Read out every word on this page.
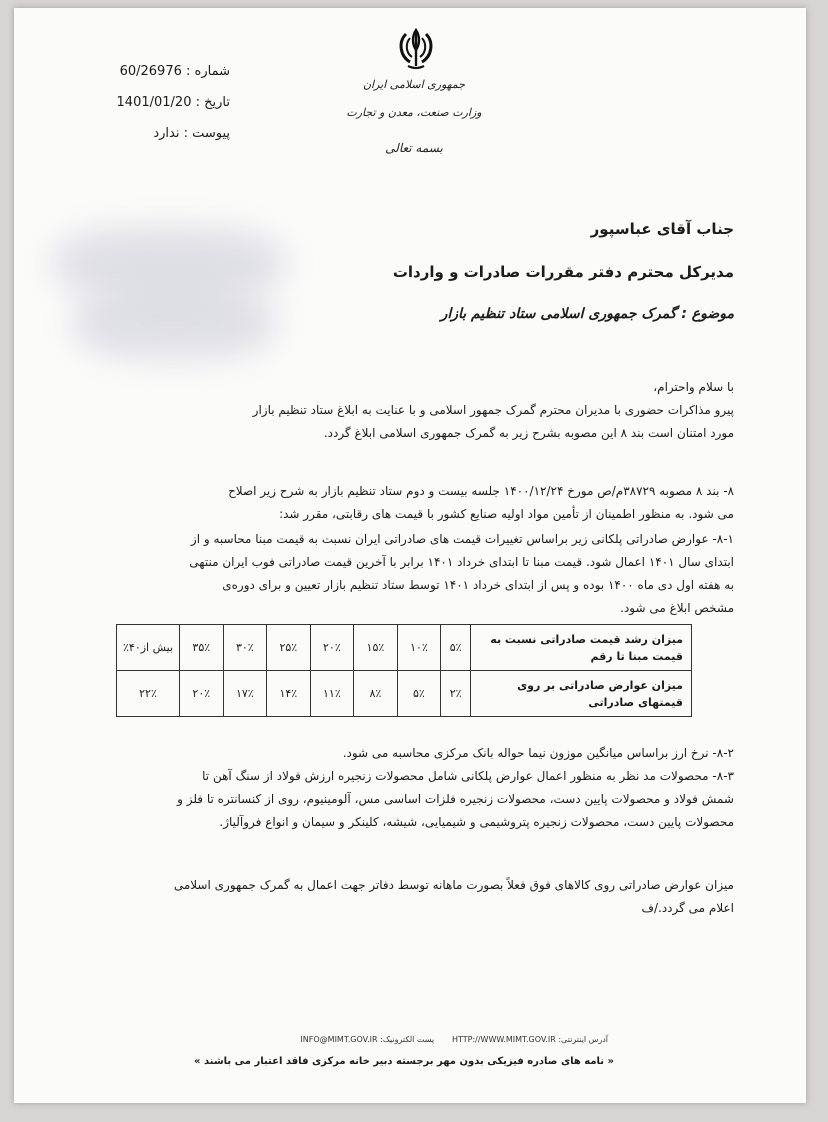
جمهوری اسلامی ایران
وزارت صنعت، معدن و تجارت
بسمه تعالی
شماره : 60/26976
تاریخ : 1401/01/20
پیوست : ندارد
جناب آقای عباسپور
مدیرکل محترم دفتر مقررات صادرات و واردات
موضوع : گمرک جمهوری اسلامی ستاد تنظیم بازار
با سلام واحترام،

پیرو مذاکرات حضوری با مدیران محترم گمرک جمهور اسلامی و با عنایت به ابلاغ ستاد تنظیم بازار

مورد امتنان است بند ۸ این مصوبه بشرح زیر به گمرک جمهوری اسلامی ابلاغ گردد.

۸- بند ۸ مصوبه ۳۸۷۲۹م/ص مورخ ۱۴۰۰/۱۲/۲۴ جلسه بیست و دوم ستاد تنظیم بازار به شرح زیر اصلاح

می شود. به منظور اطمینان از تأمین مواد اولیه صنایع کشور با قیمت های رقابتی، مقرر شد:

۸-۱- عوارض صادراتی پلکانی زیر براساس تغییرات قیمت های صادراتی ایران نسبت به قیمت مبنا محاسبه و از

ابتدای سال ۱۴۰۱ اعمال شود. قیمت مبنا تا ابتدای خرداد ۱۴۰۱ برابر با آخرین قیمت صادراتی فوب ایران منتهی

به هفته اول دی ماه ۱۴۰۰ بوده و پس از ابتدای خرداد ۱۴۰۱ توسط ستاد تنظیم بازار تعیین و برای دوره‌ی

مشخص ابلاغ می شود.

میزان رشد قیمت صادراتی نسبت به قیمت مبنا تا رقم	۵٪	۱۰٪	۱۵٪	۲۰٪	۲۵٪	۳۰٪	۳۵٪	بیش از۴۰٪
میزان عوارض صادراتی بر روی قیمتهای صادراتی	۲٪	۵٪	۸٪	۱۱٪	۱۴٪	۱۷٪	۲۰٪	۲۲٪
۸-۲- نرخ ارز براساس میانگین موزون نیما حواله بانک مرکزی محاسبه می شود.

۸-۳- محصولات مد نظر به منظور اعمال عوارض پلکانی شامل محصولات زنجیره ارزش فولاد از سنگ آهن تا

شمش فولاد و محصولات پایین دست، محصولات زنجیره فلزات اساسی مس، آلومینیوم، روی از کنسانتره تا فلز و

محصولات پایین دست، محصولات زنجیره پتروشیمی و شیمیایی، شیشه، کلینکر و سیمان و انواع فروآلیاژ.

میزان عوارض صادراتی روی کالاهای فوق فعلاً بصورت ماهانه توسط دفاتر جهت اعمال به گمرک جمهوری اسلامی

اعلام می گردد./ف

آدرس اینترنتی: HTTP://WWW.MIMT.GOV.IR       پست الکترونیک: INFO@MIMT.GOV.IR
« نامه های صادره فیزیکی بدون مهر برجسته دبیر خانه مرکزی فاقد اعتبار می باشند »
